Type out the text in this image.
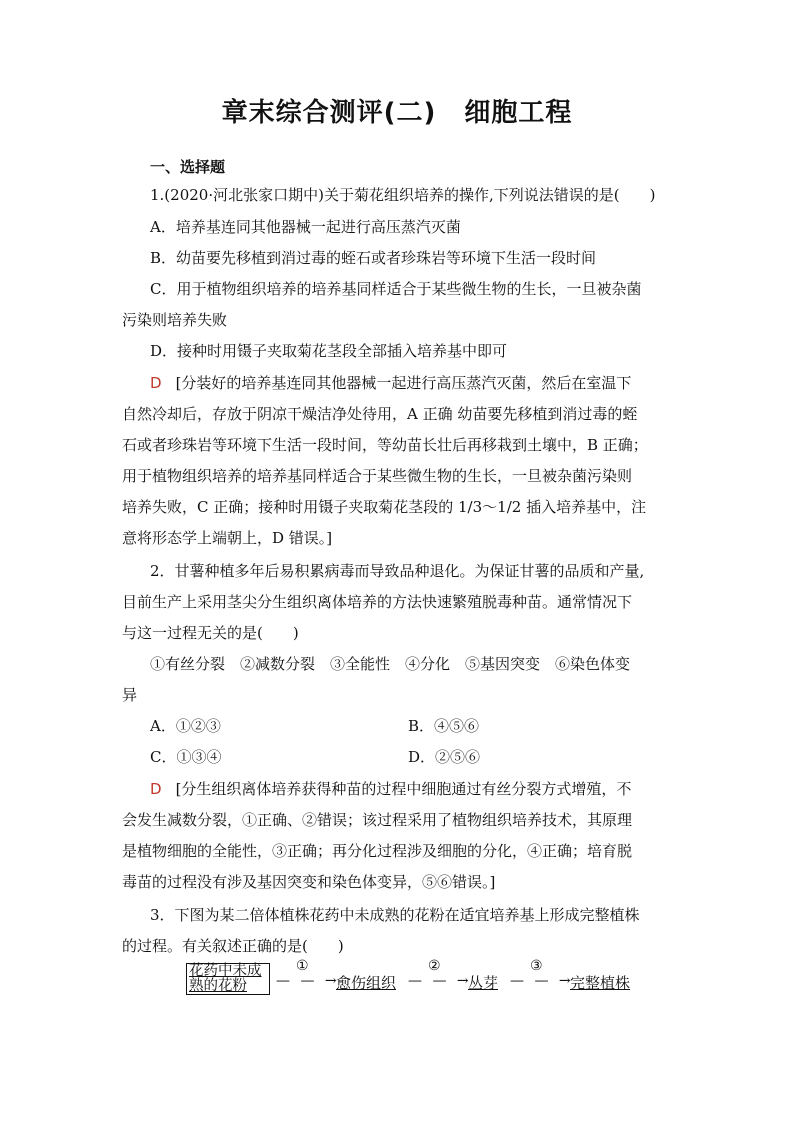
章末综合测评(二) 细胞工程
一、选择题
1.(2020·河北张家口期中)关于菊花组织培养的操作,下列说法错误的是(　　)
A．培养基连同其他器械一起进行高压蒸汽灭菌
B．幼苗要先移植到消过毒的蛭石或者珍珠岩等环境下生活一段时间
C．用于植物组织培养的培养基同样适合于某些微生物的生长，一旦被杂菌
污染则培养失败
D．接种时用镊子夹取菊花茎段全部插入培养基中即可
D [分装好的培养基连同其他器械一起进行高压蒸汽灭菌，然后在室温下
自然冷却后，存放于阴凉干燥洁净处待用，A 正确 幼苗要先移植到消过毒的蛭
石或者珍珠岩等环境下生活一段时间，等幼苗长壮后再移栽到土壤中，B 正确；
用于植物组织培养的培养基同样适合于某些微生物的生长，一旦被杂菌污染则
培养失败，C 正确；接种时用镊子夹取菊花茎段的 1/3～1/2 插入培养基中，注
意将形态学上端朝上，D 错误。]
2．甘薯种植多年后易积累病毒而导致品种退化。为保证甘薯的品质和产量,
目前生产上采用茎尖分生组织离体培养的方法快速繁殖脱毒种苗。通常情况下
与这一过程无关的是(　　)
①有丝分裂　②减数分裂　③全能性　④分化　⑤基因突变　⑥染色体变
异
A．①②③	B．④⑤⑥
C．①③④	D．②⑤⑥
D [分生组织离体培养获得种苗的过程中细胞通过有丝分裂方式增殖，不
会发生减数分裂，①正确、②错误；该过程采用了植物组织培养技术，其原理
是植物细胞的全能性，③正确；再分化过程涉及细胞的分化，④正确；培育脱
毒苗的过程没有涉及基因突变和染色体变异，⑤⑥错误。]
3．下图为某二倍体植株花药中未成熟的花粉在适宜培养基上形成完整植株
的过程。有关叙述正确的是(　　)
花药中未成
熟的花粉
①
— — →
愈伤组织
②
— — →
丛芽
③
— — →
完整植株
